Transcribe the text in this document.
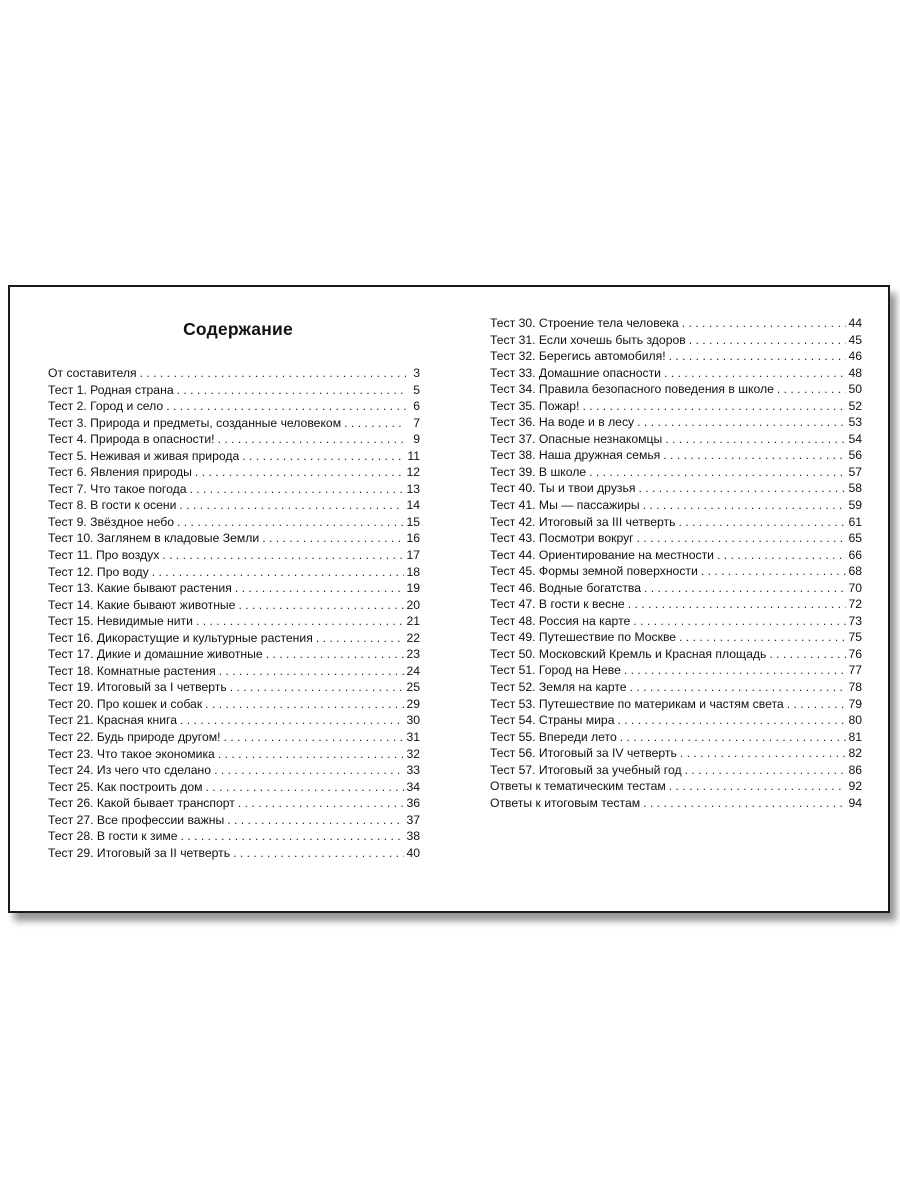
Содержание
От составителя . . .	3
Тест 1. Родная страна . . .	5
Тест 2. Город и село . . .	6
Тест 3. Природа и предметы, созданные человеком . . .	7
Тест 4. Природа в опасности! . . .	9
Тест 5. Неживая и живая природа . . .	11
Тест 6. Явления природы . . .	12
Тест 7. Что такое погода . . .	13
Тест 8. В гости к осени . . .	14
Тест 9. Звёздное небо . . .	15
Тест 10. Заглянем в кладовые Земли . . .	16
Тест 11. Про воздух . . .	17
Тест 12. Про воду . . .	18
Тест 13. Какие бывают растения . . .	19
Тест 14. Какие бывают животные . . .	20
Тест 15. Невидимые нити . . .	21
Тест 16. Дикорастущие и культурные растения . . .	22
Тест 17. Дикие и домашние животные . . .	23
Тест 18. Комнатные растения . . .	24
Тест 19. Итоговый за I четверть . . .	25
Тест 20. Про кошек и собак . . .	29
Тест 21. Красная книга . . .	30
Тест 22. Будь природе другом! . . .	31
Тест 23. Что такое экономика . . .	32
Тест 24. Из чего что сделано . . .	33
Тест 25. Как построить дом . . .	34
Тест 26. Какой бывает транспорт . . .	36
Тест 27. Все профессии важны . . .	37
Тест 28. В гости к зиме . . .	38
Тест 29. Итоговый за II четверть . . .	40
Тест 30. Строение тела человека . . .	44
Тест 31. Если хочешь быть здоров . . .	45
Тест 32. Берегись автомобиля! . . .	46
Тест 33. Домашние опасности . . .	48
Тест 34. Правила безопасного поведения в школе . . .	50
Тест 35. Пожар! . . .	52
Тест 36. На воде и в лесу . . .	53
Тест 37. Опасные незнакомцы . . .	54
Тест 38. Наша дружная семья . . .	56
Тест 39. В школе . . .	57
Тест 40. Ты и твои друзья . . .	58
Тест 41. Мы — пассажиры . . .	59
Тест 42. Итоговый за III четверть . . .	61
Тест 43. Посмотри вокруг . . .	65
Тест 44. Ориентирование на местности . . .	66
Тест 45. Формы земной поверхности . . .	68
Тест 46. Водные богатства . . .	70
Тест 47. В гости к весне . . .	72
Тест 48. Россия на карте . . .	73
Тест 49. Путешествие по Москве . . .	75
Тест 50. Московский Кремль и Красная площадь . . .	76
Тест 51. Город на Неве . . .	77
Тест 52. Земля на карте . . .	78
Тест 53. Путешествие по материкам и частям света . . .	79
Тест 54. Страны мира . . .	80
Тест 55. Впереди лето . . .	81
Тест 56. Итоговый за IV четверть . . .	82
Тест 57. Итоговый за учебный год . . .	86
Ответы к тематическим тестам . . .	92
Ответы к итоговым тестам . . .	94
